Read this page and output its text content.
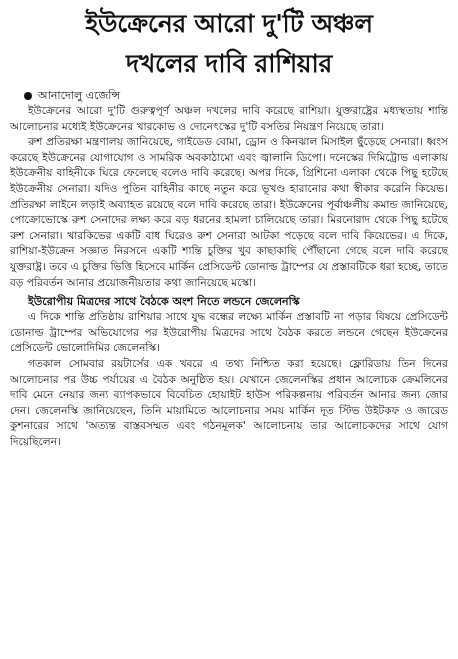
ইউক্রেনের আরো দু'টি অঞ্চল
দখলের দাবি রাশিয়ার
আনাদোলু এজেন্সি

ইউক্রেনের আরো দু'টি গুরুত্বপূর্ণ অঞ্চল দখলের দাবি করেছে রাশিয়া। যুক্তরাষ্ট্রের মধ্যস্থতায় শান্তি আলোচনার মধ্যেই ইউক্রেনের খারকোভ ও দোনেৎস্কের দু'টি বসতির নিয়ন্ত্রণ নিয়েছে তারা।

রুশ প্রতিরক্ষা মন্ত্রণালয় জানিয়েছে, গাইডেড বোমা, ড্রোন ও কিনঝাল মিসাইল ছুঁড়েছে সেনারা। ধ্বংস করেছে ইউক্রেনের যোগাযোগ ও সামরিক অবকাঠামো এবং জ্বালানি ডিপো। দনেস্কের দিমিট্রোভ এলাকায় ইউক্রেনীয় বাহিনীকে ঘিরে ফেলেছে বলেও দাবি করেছে। অপর দিকে, গ্রিশিনো এলাকা থেকে পিছু হটেছে ইউক্রেনীয় সেনারা। যদিও পুতিন বাহিনীর কাছে নতুন করে ভূখণ্ড হারানোর কথা স্বীকার করেনি কিয়েভ। প্রতিরক্ষা লাইনে লড়াই অব্যাহত রয়েছে বলে দাবি করেছে তারা। ইউক্রেনের পূর্বাঞ্চলীয় কমান্ড জানিয়েছে, পোক্রোভোস্কে রুশ সেনাদের লক্ষ্য করে বড় ধরনের হামলা চালিয়েছে তারা। মিরনোরাদ থেকে পিছু হটেছে রুশ সেনারা। খারকিভের একটি বাধ ঘিরেও রুশ সেনারা আটকা পড়েছে বলে দাবি কিয়েভের। এ দিকে, রাশিয়া-ইউক্রেন সজ্ঞাত নিরসনে একটি শান্তি চুক্তির খুব কাছাকাছি পৌঁছানো গেছে বলে দাবি করেছে যুক্তরাষ্ট্র। তবে এ চুক্তির ভিত্তি হিসেবে মার্কিন প্রেসিডেন্ট ডোনাল্ড ট্রাম্পের যে প্রস্তাবটিকে ধরা হচ্ছে, তাতে বড় পরিবর্তন আনার প্রয়োজনীয়তার কথা জানিয়েছে মস্কো।

ইউরোপীয় মিত্রদের সাথে বৈঠকে অংশ নিতে লন্ডনে জেলেনস্কি

এ দিকে শান্তি প্রতিষ্ঠায় রাশিয়ার সাথে যুদ্ধ বন্ধের লক্ষ্যে মার্কিন প্রস্তাবটি না পড়ার বিষয়ে প্রেসিডেন্ট ডোনাল্ড ট্রাম্পের অভিযোগের পর ইউরোপীয় মিত্রদের সাথে বৈঠক করতে লন্ডনে গেছেন ইউক্রেনের প্রেসিডেন্ট ভোলোদিমির জেলেনস্কি।

গতকাল সোমবার রয়টার্সের এক খবরে এ তথ্য নিশ্চিত করা হয়েছে। ফ্লোরিডায় তিন দিনের আলোচনার পর উচ্চ পর্যায়ের এ বৈঠক অনুষ্ঠিত হয়। যেখানে জেলেনস্কির প্রধান আলোচক ক্রেমলিনের দাবি মেনে নেয়ার জন্য ব্যাপকভাবে বিবেচিত হোয়াইট হাউস পরিকল্পনায় পরিবর্তন আনার জন্য জোর দেন। জেলেনস্কি জানিয়েছেন, তিনি মায়ামিতে আলোচনার সময় মার্কিন দূত স্টিভ উইটকফ ও জারেড কুশনারের সাথে 'অত্যন্ত বাস্তবসম্মত এবং গঠনমূলক' আলোচনায় তার আলোচকদের সাথে যোগ দিয়েছিলেন।
